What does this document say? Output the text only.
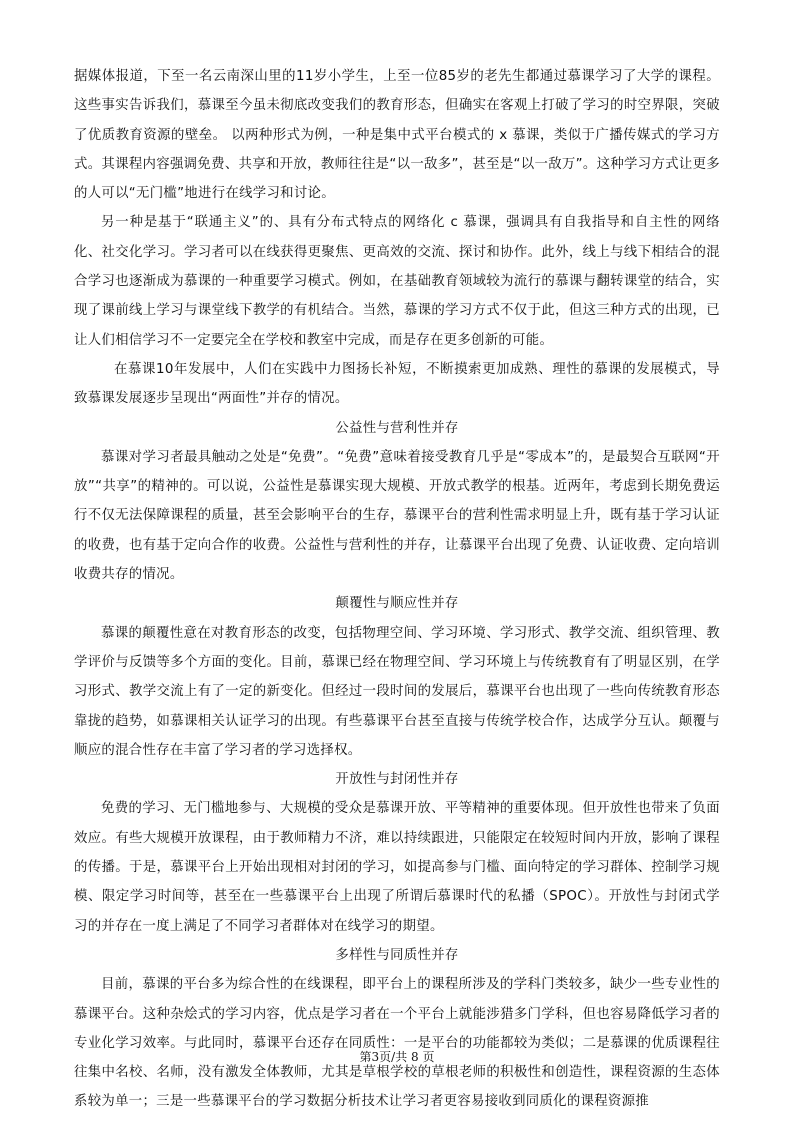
据媒体报道，下至一名云南深山里的11岁小学生，上至一位85岁的老先生都通过慕课学习了大学的课程。这些事实告诉我们，慕课至今虽未彻底改变我们的教育形态，但确实在客观上打破了学习的时空界限，突破了优质教育资源的壁垒。 以两种形式为例，一种是集中式平台模式的 x 慕课，类似于广播传媒式的学习方式。其课程内容强调免费、共享和开放，教师往往是“以一敌多”，甚至是“以一敌万”。这种学习方式让更多的人可以“无门槛”地进行在线学习和讨论。

另一种是基于“联通主义”的、具有分布式特点的网络化 c 慕课，强调具有自我指导和自主性的网络化、社交化学习。学习者可以在线获得更聚焦、更高效的交流、探讨和协作。此外，线上与线下相结合的混合学习也逐渐成为慕课的一种重要学习模式。例如，在基础教育领域较为流行的慕课与翻转课堂的结合，实现了课前线上学习与课堂线下教学的有机结合。当然，慕课的学习方式不仅于此，但这三种方式的出现，已让人们相信学习不一定要完全在学校和教室中完成，而是存在更多创新的可能。

在慕课10年发展中，人们在实践中力图扬长补短，不断摸索更加成熟、理性的慕课的发展模式，导致慕课发展逐步呈现出“两面性”并存的情况。

公益性与营利性并存

慕课对学习者最具触动之处是“免费”。“免费”意味着接受教育几乎是“零成本”的，是最契合互联网“开放”“共享”的精神的。可以说，公益性是慕课实现大规模、开放式教学的根基。近两年，考虑到长期免费运行不仅无法保障课程的质量，甚至会影响平台的生存，慕课平台的营利性需求明显上升，既有基于学习认证的收费，也有基于定向合作的收费。公益性与营利性的并存，让慕课平台出现了免费、认证收费、定向培训收费共存的情况。

颠覆性与顺应性并存

慕课的颠覆性意在对教育形态的改变，包括物理空间、学习环境、学习形式、教学交流、组织管理、教学评价与反馈等多个方面的变化。目前，慕课已经在物理空间、学习环境上与传统教育有了明显区别，在学习形式、教学交流上有了一定的新变化。但经过一段时间的发展后，慕课平台也出现了一些向传统教育形态靠拢的趋势，如慕课相关认证学习的出现。有些慕课平台甚至直接与传统学校合作，达成学分互认。颠覆与顺应的混合性存在丰富了学习者的学习选择权。

开放性与封闭性并存

免费的学习、无门槛地参与、大规模的受众是慕课开放、平等精神的重要体现。但开放性也带来了负面效应。有些大规模开放课程，由于教师精力不济，难以持续跟进，只能限定在较短时间内开放，影响了课程的传播。于是，慕课平台上开始出现相对封闭的学习，如提高参与门槛、面向特定的学习群体、控制学习规模、限定学习时间等，甚至在一些慕课平台上出现了所谓后慕课时代的私播（SPOC）。开放性与封闭式学习的并存在一度上满足了不同学习者群体对在线学习的期望。

多样性与同质性并存

目前，慕课的平台多为综合性的在线课程，即平台上的课程所涉及的学科门类较多，缺少一些专业性的慕课平台。这种杂烩式的学习内容，优点是学习者在一个平台上就能涉猎多门学科，但也容易降低学习者的专业化学习效率。与此同时，慕课平台还存在同质性：一是平台的功能都较为类似；二是慕课的优质课程往往集中名校、名师，没有激发全体教师，尤其是草根学校的草根老师的积极性和创造性，课程资源的生态体系较为单一；三是一些慕课平台的学习数据分析技术让学习者更容易接收到同质化的课程资源推

第3页/共 8 页
